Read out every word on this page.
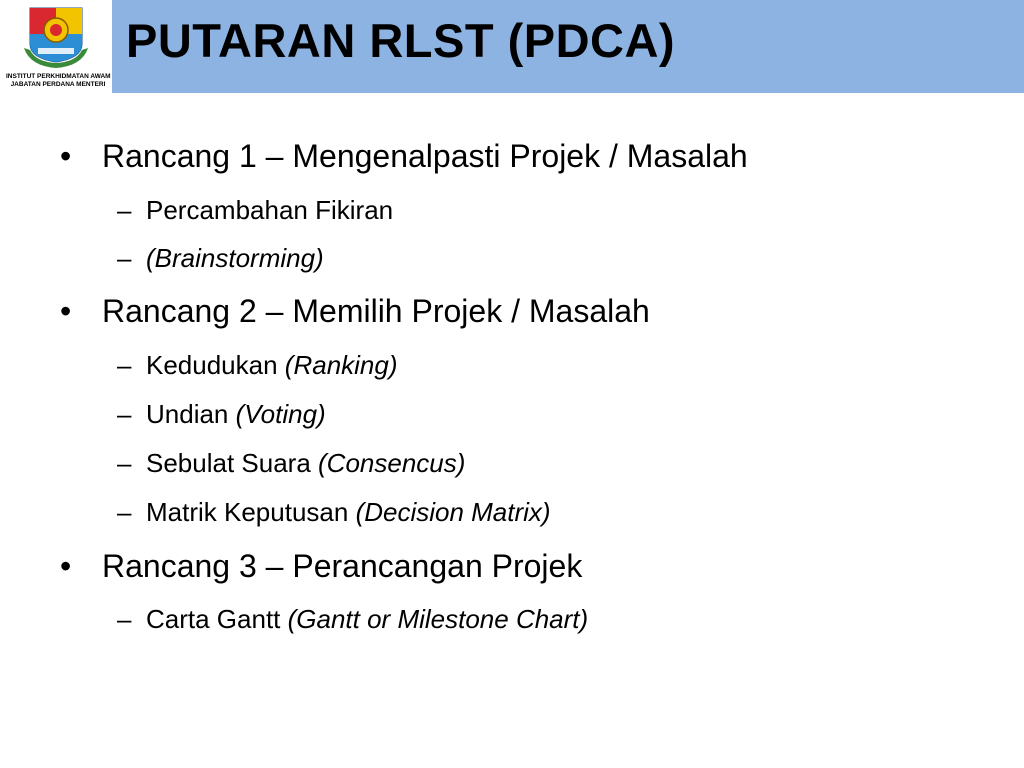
INSTITUT PERKHIDMATAN AWAM
JABATAN PERDANA MENTERI
PUTARAN RLST (PDCA)
• Rancang 1 – Mengenalpasti Projek / Masalah
– Percambahan Fikiran
– (Brainstorming)
• Rancang 2 – Memilih Projek / Masalah
– Kedudukan (Ranking)
– Undian (Voting)
– Sebulat Suara (Consencus)
– Matrik Keputusan (Decision Matrix)
• Rancang 3 – Perancangan Projek
– Carta Gantt (Gantt or Milestone Chart)
